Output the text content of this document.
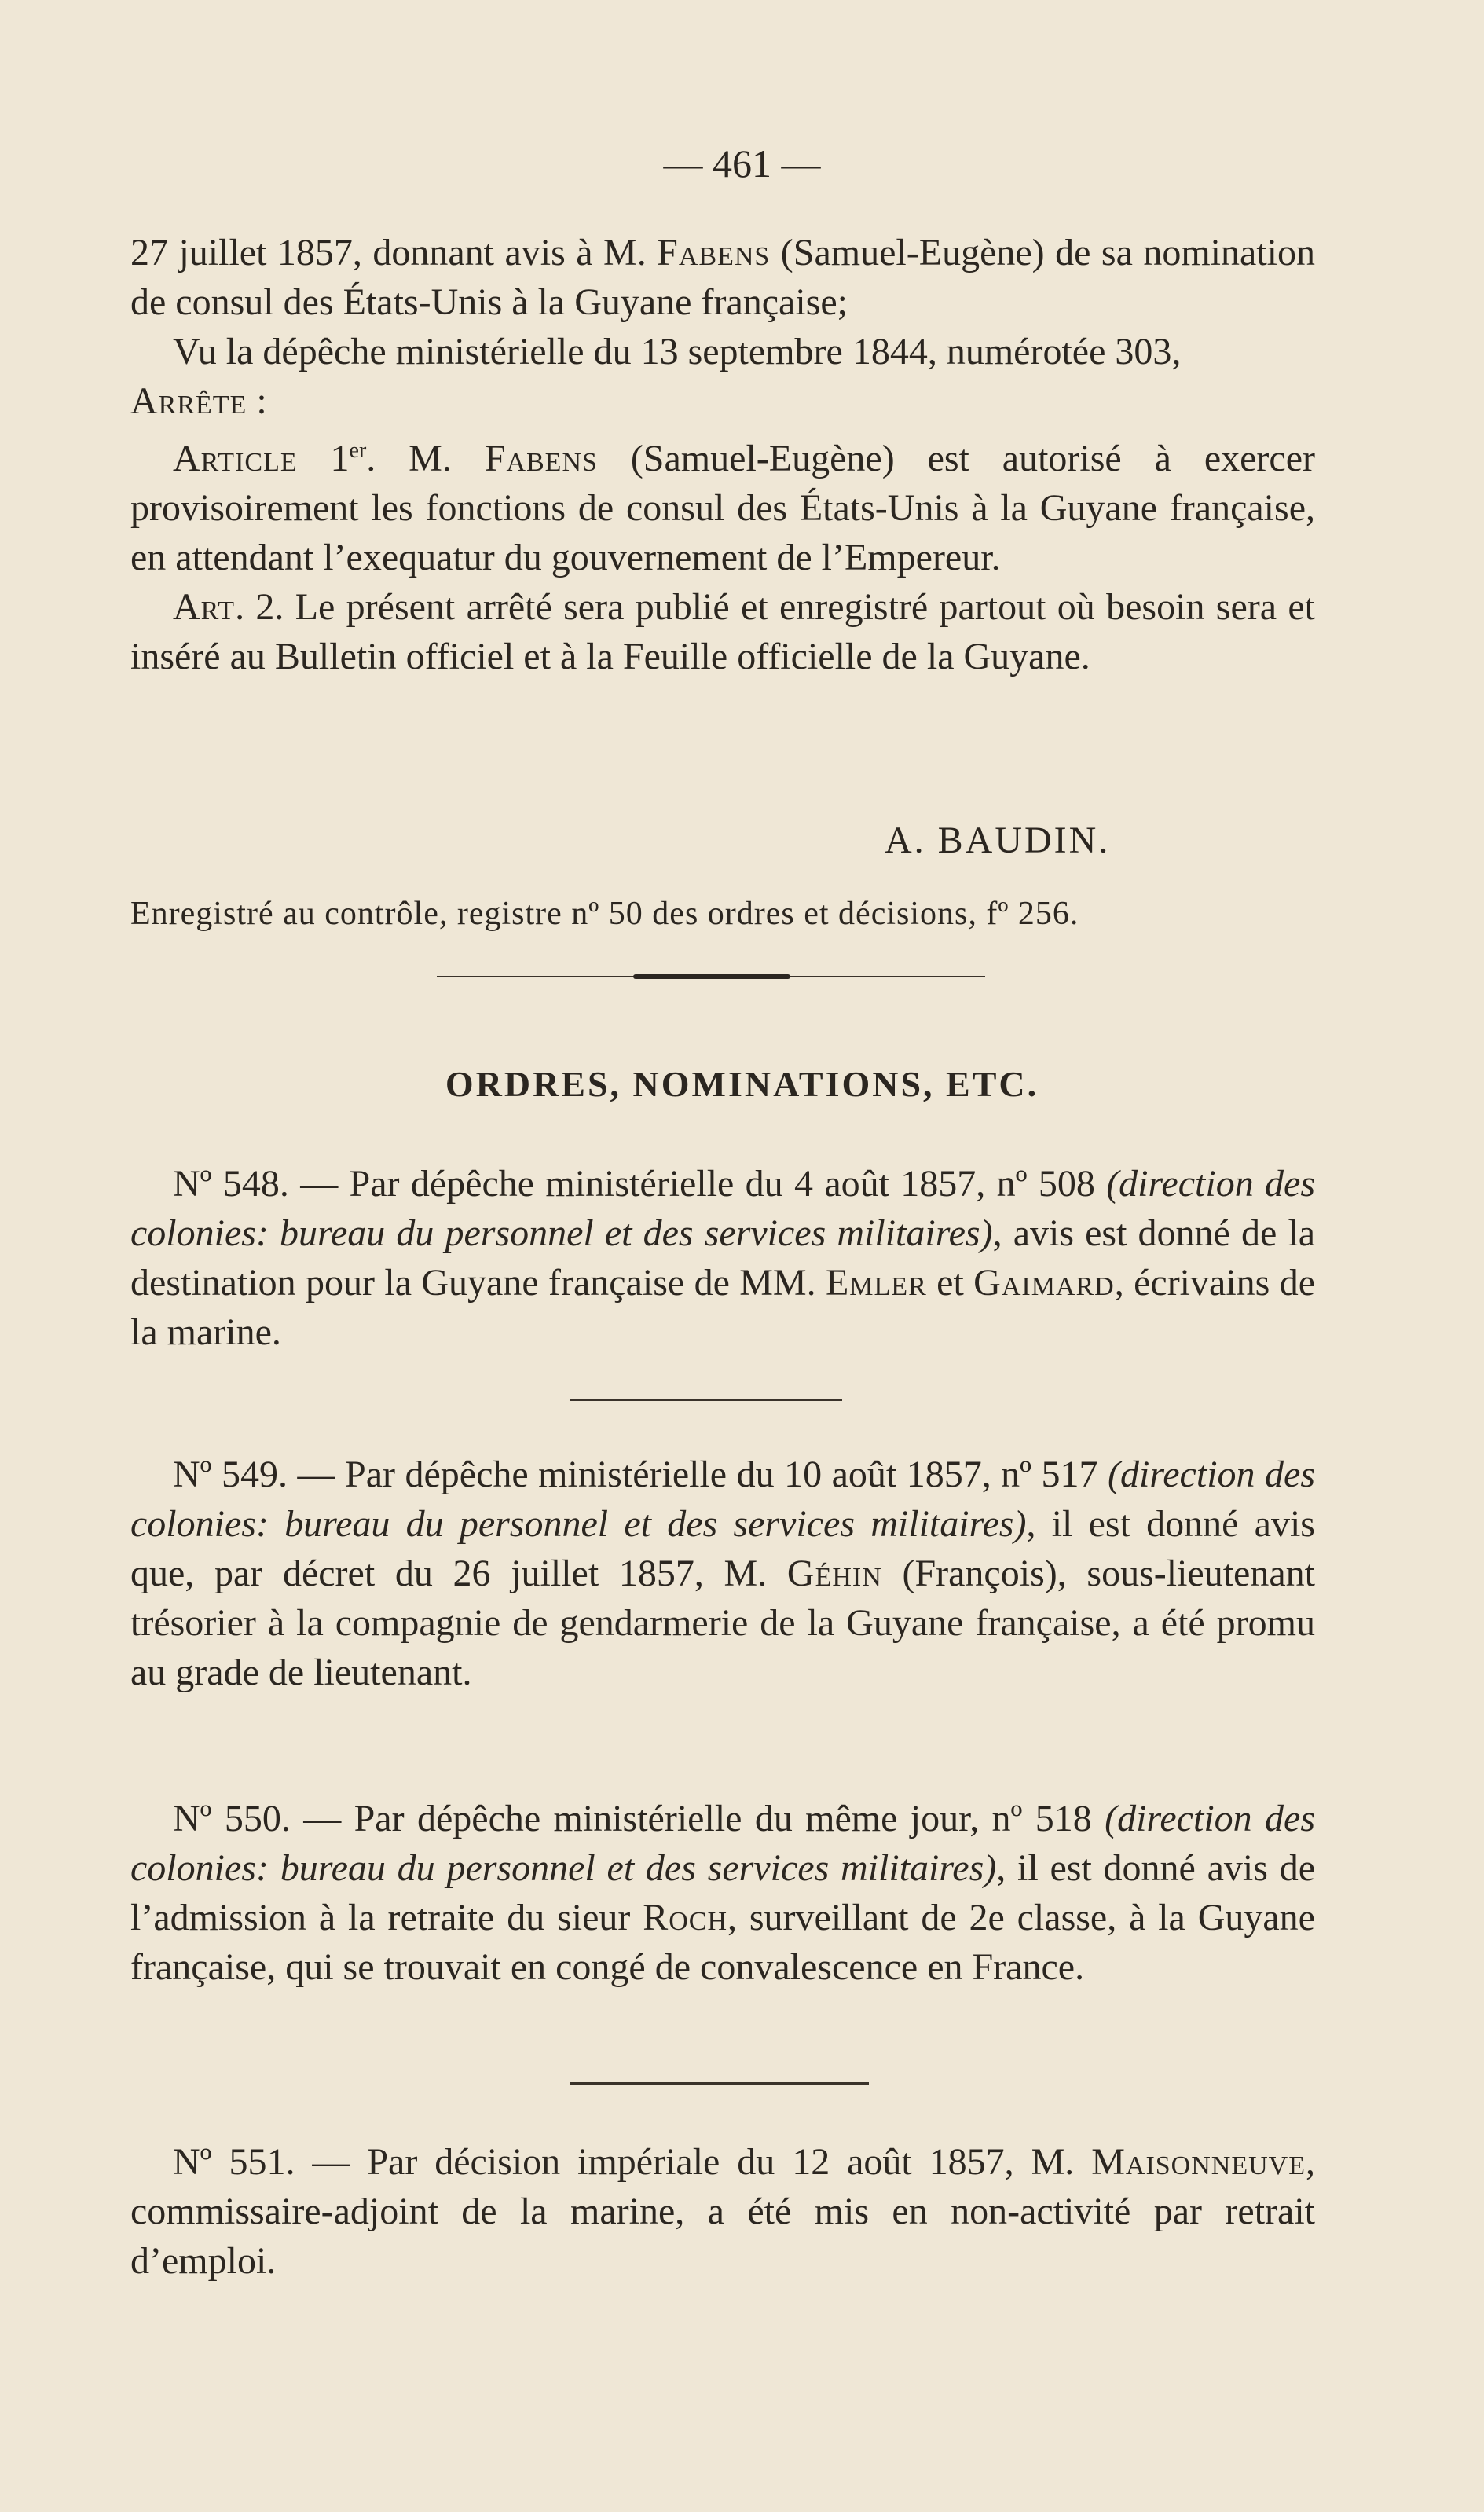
— 461 —

27 juillet 1857, donnant avis à M. Fabens (Samuel-Eugène) de sa nomination de consul des États-Unis à la Guyane française;

Vu la dépêche ministérielle du 13 septembre 1844, numérotée 303,

Arrête :

Article 1er. M. Fabens (Samuel-Eugène) est autorisé à exercer provisoirement les fonctions de consul des États-Unis à la Guyane française, en attendant l’exequatur du gouvernement de l’Empereur.

Art. 2. Le présent arrêté sera publié et enregistré partout où besoin sera et inséré au Bulletin officiel et à la Feuille officielle de la Guyane.

A. BAUDIN.
Enregistré au contrôle, registre nº 50 des ordres et décisions, fº 256.
ORDRES, NOMINATIONS, ETC.

Nº 548. — Par dépêche ministérielle du 4 août 1857, nº 508 (direction des colonies: bureau du personnel et des services militaires), avis est donné de la destination pour la Guyane française de MM. Emler et Gaimard, écrivains de la marine.

Nº 549. — Par dépêche ministérielle du 10 août 1857, nº 517 (direction des colonies: bureau du personnel et des services militaires), il est donné avis que, par décret du 26 juillet 1857, M. Géhin (François), sous-lieutenant trésorier à la compagnie de gendarmerie de la Guyane française, a été promu au grade de lieutenant.

Nº 550. — Par dépêche ministérielle du même jour, nº 518 (direction des colonies: bureau du personnel et des services militaires), il est donné avis de l’admission à la retraite du sieur Roch, surveillant de 2e classe, à la Guyane française, qui se trouvait en congé de convalescence en France.

Nº 551. — Par décision impériale du 12 août 1857, M. Maisonneuve, commissaire-adjoint de la marine, a été mis en non-activité par retrait d’emploi.
